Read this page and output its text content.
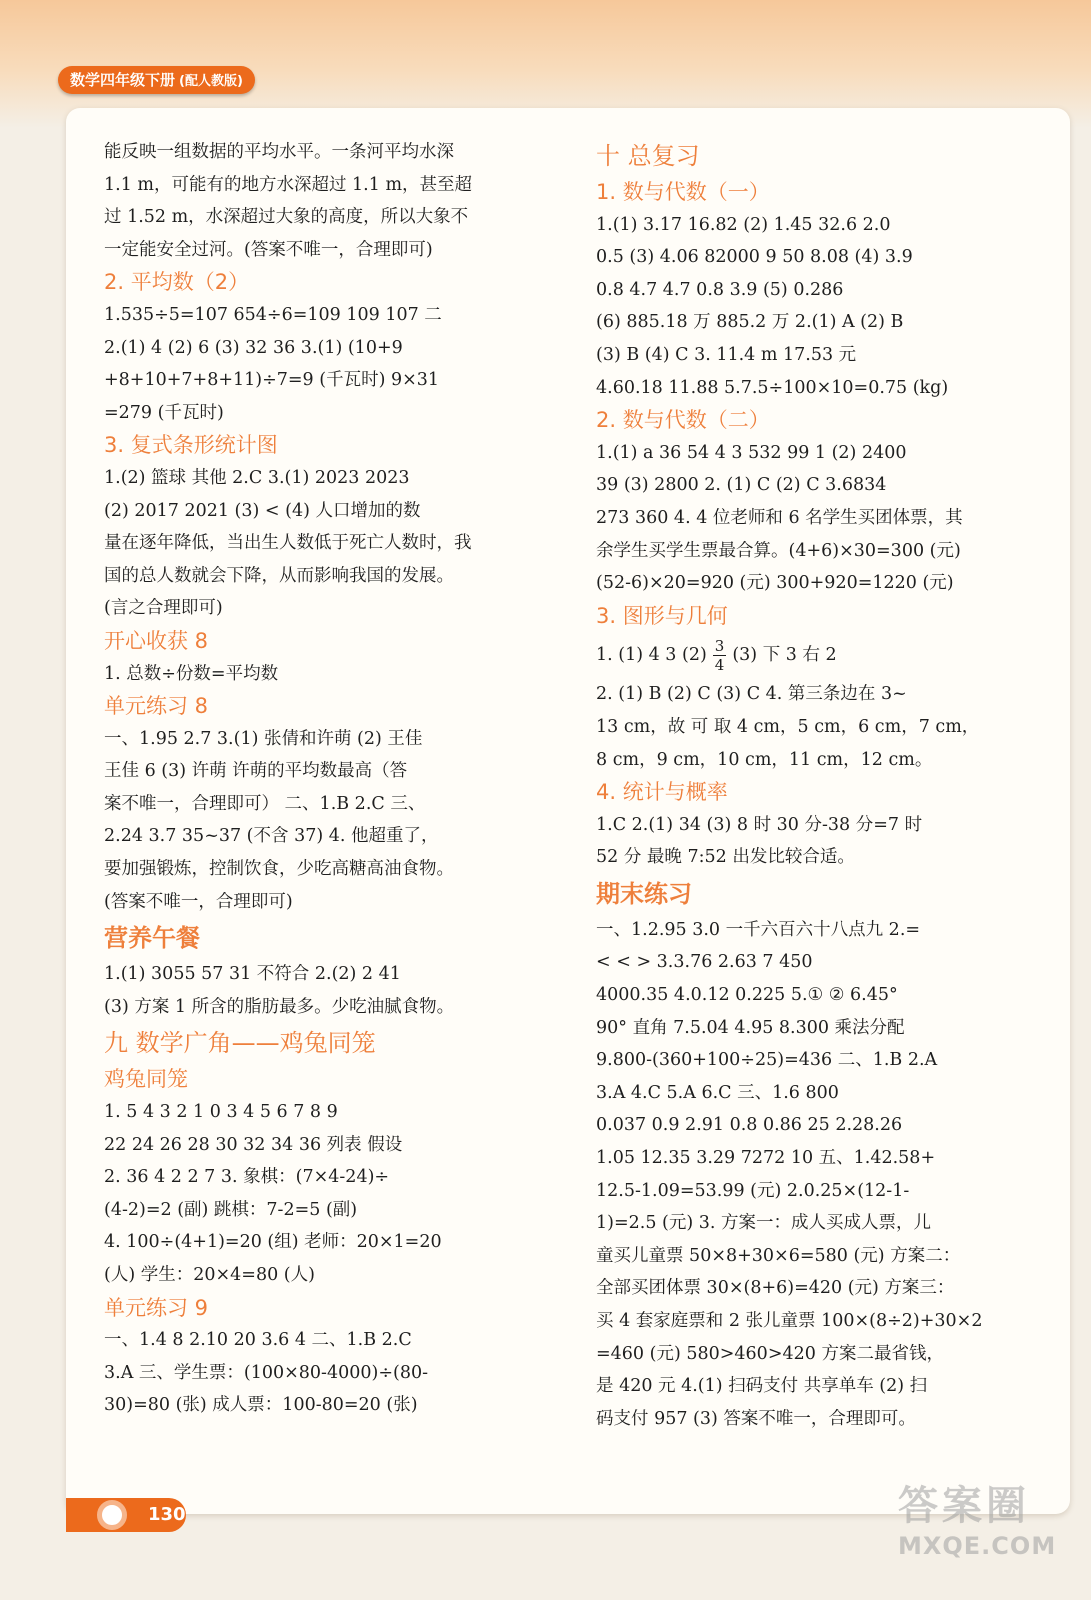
数学四年级下册 (配人教版)

能反映一组数据的平均水平。一条河平均水深

1.1 m，可能有的地方水深超过 1.1 m，甚至超

过 1.52 m，水深超过大象的高度，所以大象不

一定能安全过河。(答案不唯一，合理即可)

2. 平均数（2）

1.535÷5=107 654÷6=109 109 107 二

2.(1) 4 (2) 6 (3) 32 36 3.(1) (10+9

+8+10+7+8+11)÷7=9 (千瓦时) 9×31

=279 (千瓦时)

3. 复式条形统计图

1.(2) 篮球 其他 2.C 3.(1) 2023 2023

(2) 2017 2021 (3) < (4) 人口增加的数

量在逐年降低，当出生人数低于死亡人数时，我

国的总人数就会下降，从而影响我国的发展。

(言之合理即可)

开心收获 8

1. 总数÷份数=平均数

单元练习 8

一、1.95 2.7 3.(1) 张倩和许萌 (2) 王佳

王佳 6 (3) 许萌 许萌的平均数最高（答

案不唯一，合理即可） 二、1.B 2.C 三、

2.24 3.7 35~37 (不含 37) 4. 他超重了，

要加强锻炼，控制饮食，少吃高糖高油食物。

(答案不唯一，合理即可)

营养午餐

1.(1) 3055 57 31 不符合 2.(2) 2 41

(3) 方案 1 所含的脂肪最多。少吃油腻食物。

九 数学广角——鸡兔同笼

鸡兔同笼

1. 5 4 3 2 1 0 3 4 5 6 7 8 9

22 24 26 28 30 32 34 36 列表 假设

2. 36 4 2 2 7 3. 象棋：(7×4-24)÷

(4-2)=2 (副) 跳棋：7-2=5 (副)

4. 100÷(4+1)=20 (组) 老师：20×1=20

(人) 学生：20×4=80 (人)

单元练习 9

一、1.4 8 2.10 20 3.6 4 二、1.B 2.C

3.A 三、学生票：(100×80-4000)÷(80-

30)=80 (张) 成人票：100-80=20 (张)

十 总复习

1. 数与代数（一）

1.(1) 3.17 16.82 (2) 1.45 32.6 2.0

0.5 (3) 4.06 82000 9 50 8.08 (4) 3.9

0.8 4.7 4.7 0.8 3.9 (5) 0.286

(6) 885.18 万 885.2 万 2.(1) A (2) B

(3) B (4) C 3. 11.4 m 17.53 元

4.60.18 11.88 5.7.5÷100×10=0.75 (kg)

2. 数与代数（二）

1.(1) a 36 54 4 3 532 99 1 (2) 2400

39 (3) 2800 2. (1) C (2) C 3.6834

273 360 4. 4 位老师和 6 名学生买团体票，其

余学生买学生票最合算。(4+6)×30=300 (元)

(52-6)×20=920 (元) 300+920=1220 (元)

3. 图形与几何

1. (1) 4 3 $(2) \frac{3}{4} (3)$ 下 3 右 2

2. (1) B (2) C (3) C 4. 第三条边在 3~

13 cm，故 可 取 4 cm，5 cm，6 cm，7 cm，

8 cm，9 cm，10 cm，11 cm，12 cm。

4. 统计与概率

1.C 2.(1) 34 (3) 8 时 30 分-38 分=7 时

52 分 最晚 7:52 出发比较合适。

期末练习

一、1.2.95 3.0 一千六百六十八点九 2.=

< < > 3.3.76 2.63 7 450

4000.35 4.0.12 0.225 5.① ② 6.45°

90° 直角 7.5.04 4.95 8.300 乘法分配

9.800-(360+100÷25)=436 二、1.B 2.A

3.A 4.C 5.A 6.C 三、1.6 800

0.037 0.9 2.91 0.8 0.86 25 2.28.26

1.05 12.35 3.29 7272 10 五、1.42.58+

12.5-1.09=53.99 (元) 2.0.25×(12-1-

1)=2.5 (元) 3. 方案一：成人买成人票，儿

童买儿童票 50×8+30×6=580 (元) 方案二：

全部买团体票 30×(8+6)=420 (元) 方案三：

买 4 套家庭票和 2 张儿童票 100×(8÷2)+30×2

=460 (元) 580>460>420 方案二最省钱，

是 420 元 4.(1) 扫码支付 共享单车 (2) 扫

码支付 957 (3) 答案不唯一，合理即可。

130	答案圈
MXQE.COM
